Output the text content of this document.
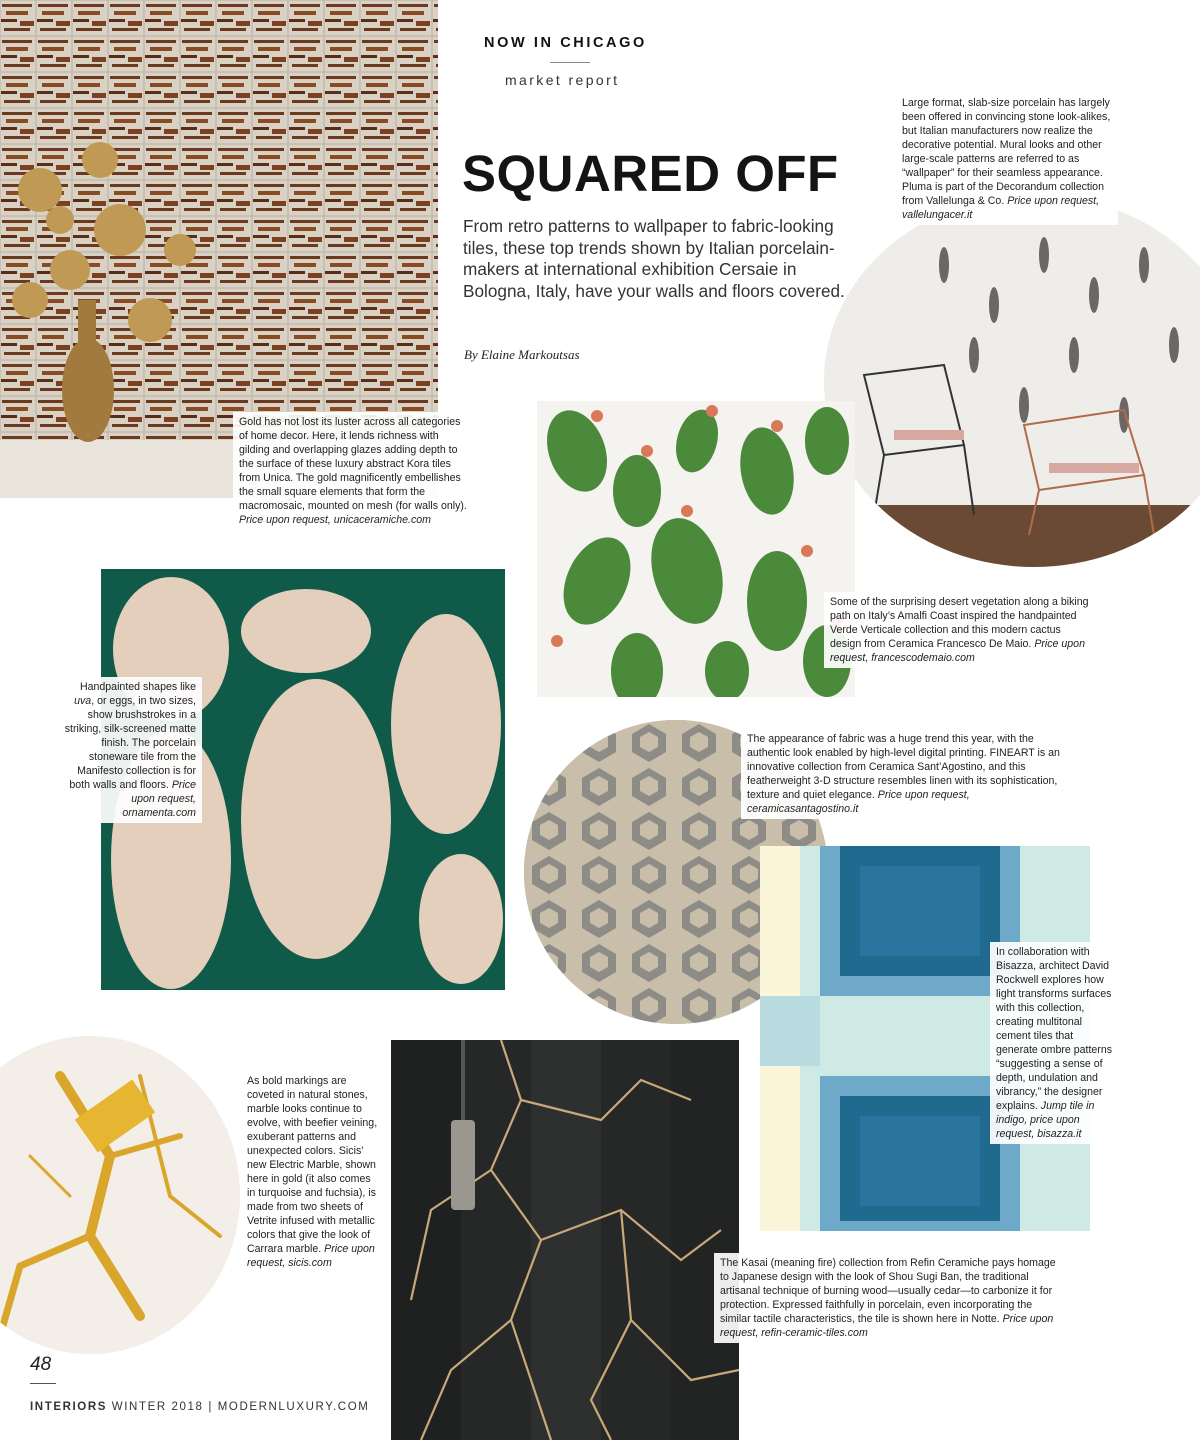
NOW IN CHICAGO
market report
SQUARED OFF
From retro patterns to wallpaper to fabric-looking tiles, these top trends shown by Italian porcelain-makers at international exhibition Cersaie in Bologna, Italy, have your walls and floors covered.
By Elaine Markoutsas
Gold has not lost its luster across all categories of home decor. Here, it lends richness with gilding and overlapping glazes adding depth to the surface of these luxury abstract Kora tiles from Unica. The gold magnificently embellishes the small square elements that form the macromosaic, mounted on mesh (for walls only). Price upon request, unicaceramiche.com
Large format, slab-size porcelain has largely been offered in convincing stone look-alikes, but Italian manufacturers now realize the decorative potential. Mural looks and other large-scale patterns are referred to as “wallpaper” for their seamless appearance. Pluma is part of the Decorandum collection from Vallelunga & Co. Price upon request, vallelungacer.it
Some of the surprising desert vegetation along a biking path on Italy’s Amalfi Coast inspired the handpainted Verde Verticale collection and this modern cactus design from Ceramica Francesco De Maio. Price upon request, francescodemaio.com
Handpainted shapes like uva, or eggs, in two sizes, show brushstrokes in a striking, silk-screened matte finish. The porcelain stoneware tile from the Manifesto collection is for both walls and floors. Price upon request, ornamenta.com
The appearance of fabric was a huge trend this year, with the authentic look enabled by high-level digital printing. FINEART is an innovative collection from Ceramica Sant’Agostino, and this featherweight 3-D structure resembles linen with its sophistication, texture and quiet elegance. Price upon request, ceramicasantagostino.it
In collaboration with Bisazza, architect David Rockwell explores how light transforms surfaces with this collection, creating multitonal cement tiles that generate ombre patterns “suggesting a sense of depth, undulation and vibrancy,” the designer explains. Jump tile in indigo, price upon request, bisazza.it
As bold markings are coveted in natural stones, marble looks continue to evolve, with beefier veining, exuberant patterns and unexpected colors. Sicis’ new Electric Marble, shown here in gold (it also comes in turquoise and fuchsia), is made from two sheets of Vetrite infused with metallic colors that give the look of Carrara marble. Price upon request, sicis.com	The Kasai (meaning fire) collection from Refin Ceramiche pays homage to Japanese design with the look of Shou Sugi Ban, the traditional artisanal technique of burning wood—usually cedar—to carbonize it for protection. Expressed faithfully in porcelain, even incorporating the similar tactile characteristics, the tile is shown here in Notte. Price upon request, refin-ceramic-tiles.com
48
INTERIORS WINTER 2018 | MODERNLUXURY.COM
